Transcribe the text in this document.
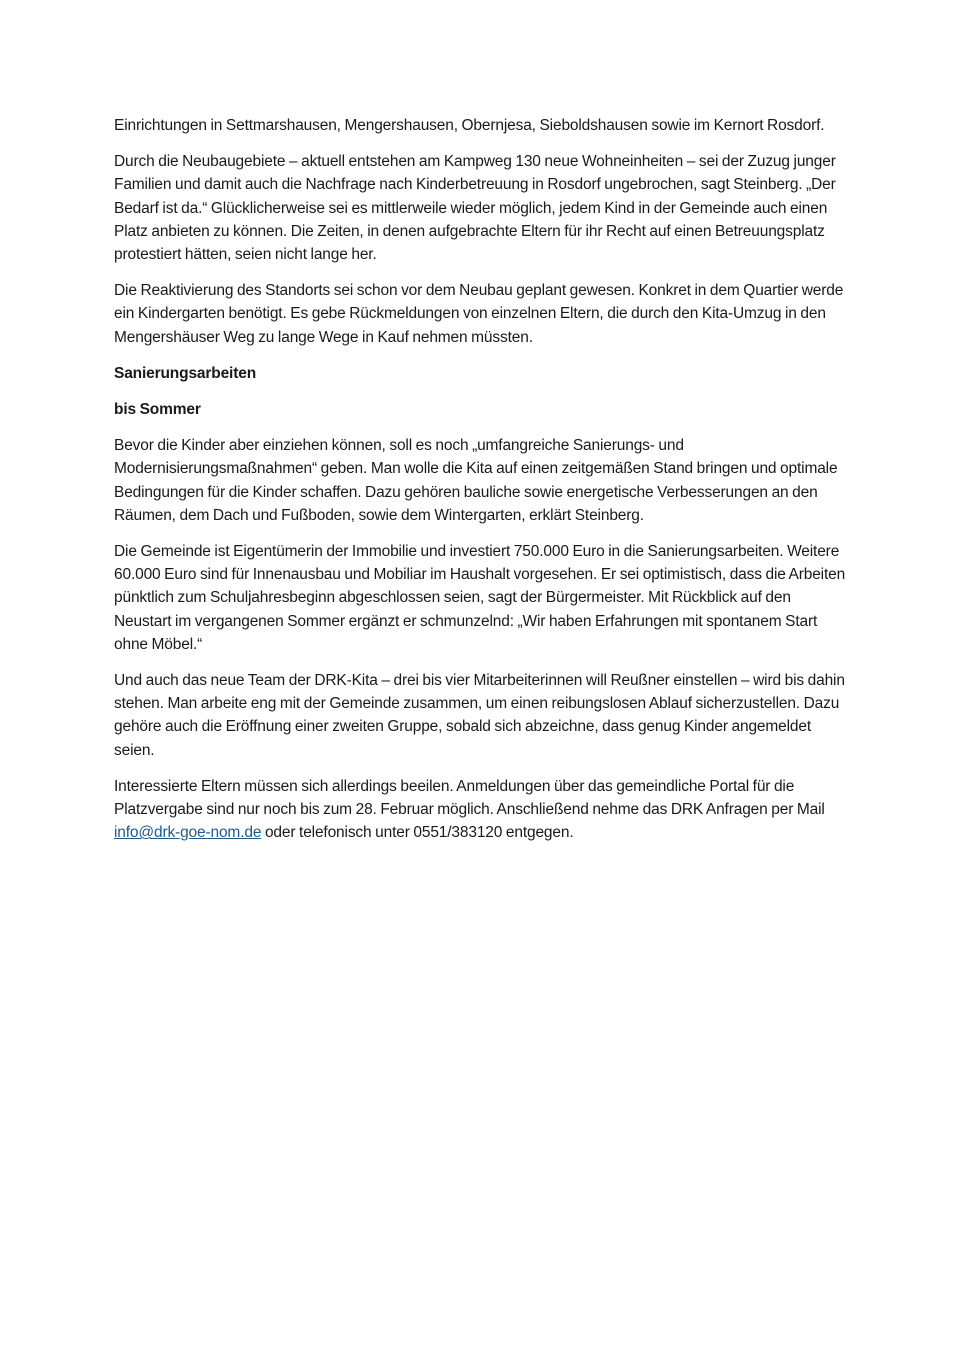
Einrichtungen in Settmarshausen, Mengershausen, Obernjesa, Sieboldshausen sowie im Kernort Rosdorf.

Durch die Neubaugebiete – aktuell entstehen am Kampweg 130 neue Wohneinheiten – sei der Zuzug junger Familien und damit auch die Nachfrage nach Kinderbetreuung in Rosdorf ungebrochen, sagt Steinberg. „Der Bedarf ist da.“ Glücklicherweise sei es mittlerweile wieder möglich, jedem Kind in der Gemeinde auch einen Platz anbieten zu können. Die Zeiten, in denen aufgebrachte Eltern für ihr Recht auf einen Betreuungsplatz protestiert hätten, seien nicht lange her.

Die Reaktivierung des Standorts sei schon vor dem Neubau geplant gewesen. Konkret in dem Quartier werde ein Kindergarten benötigt. Es gebe Rückmeldungen von einzelnen Eltern, die durch den Kita-Umzug in den Mengershäuser Weg zu lange Wege in Kauf nehmen müssten.

Sanierungsarbeiten

bis Sommer

Bevor die Kinder aber einziehen können, soll es noch „umfangreiche Sanierungs- und Modernisierungsmaßnahmen“ geben. Man wolle die Kita auf einen zeitgemäßen Stand bringen und optimale Bedingungen für die Kinder schaffen. Dazu gehören bauliche sowie energetische Verbesserungen an den Räumen, dem Dach und Fußboden, sowie dem Wintergarten, erklärt Steinberg.

Die Gemeinde ist Eigentümerin der Immobilie und investiert 750.000 Euro in die Sanierungsarbeiten. Weitere 60.000 Euro sind für Innenausbau und Mobiliar im Haushalt vorgesehen. Er sei optimistisch, dass die Arbeiten pünktlich zum Schuljahresbeginn abgeschlossen seien, sagt der Bürgermeister. Mit Rückblick auf den Neustart im vergangenen Sommer ergänzt er schmunzelnd: „Wir haben Erfahrungen mit spontanem Start ohne Möbel.“

Und auch das neue Team der DRK-Kita – drei bis vier Mitarbeiterinnen will Reußner einstellen – wird bis dahin stehen. Man arbeite eng mit der Gemeinde zusammen, um einen reibungslosen Ablauf sicherzustellen. Dazu gehöre auch die Eröffnung einer zweiten Gruppe, sobald sich abzeichne, dass genug Kinder angemeldet seien.

Interessierte Eltern müssen sich allerdings beeilen. Anmeldungen über das gemeindliche Portal für die Platzvergabe sind nur noch bis zum 28. Februar möglich. Anschließend nehme das DRK Anfragen per Mail info@drk-goe-nom.de oder telefonisch unter 0551/383120 entgegen.
